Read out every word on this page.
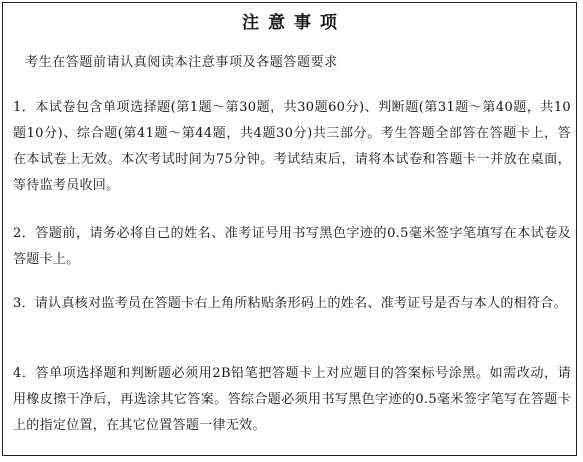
注意事项
考生在答题前请认真阅读本注意事项及各题答题要求
1．本试卷包含单项选择题(第1题～第30题，共30题60分)、判断题(第31题～第40题，共10题10分)、综合题(第41题～第44题，共4题30分)共三部分。考生答题全部答在答题卡上，答在本试卷上无效。本次考试时间为75分钟。考试结束后，请将本试卷和答题卡一并放在桌面，等待监考员收回。
2．答题前，请务必将自己的姓名、准考证号用书写黑色字迹的0.5毫米签字笔填写在本试卷及答题卡上。
3．请认真核对监考员在答题卡右上角所粘贴条形码上的姓名、准考证号是否与本人的相符合。
4．答单项选择题和判断题必须用2B铅笔把答题卡上对应题目的答案标号涂黑。如需改动，请用橡皮擦干净后，再选涂其它答案。答综合题必须用书写黑色字迹的0.5毫米签字笔写在答题卡上的指定位置，在其它位置答题一律无效。
